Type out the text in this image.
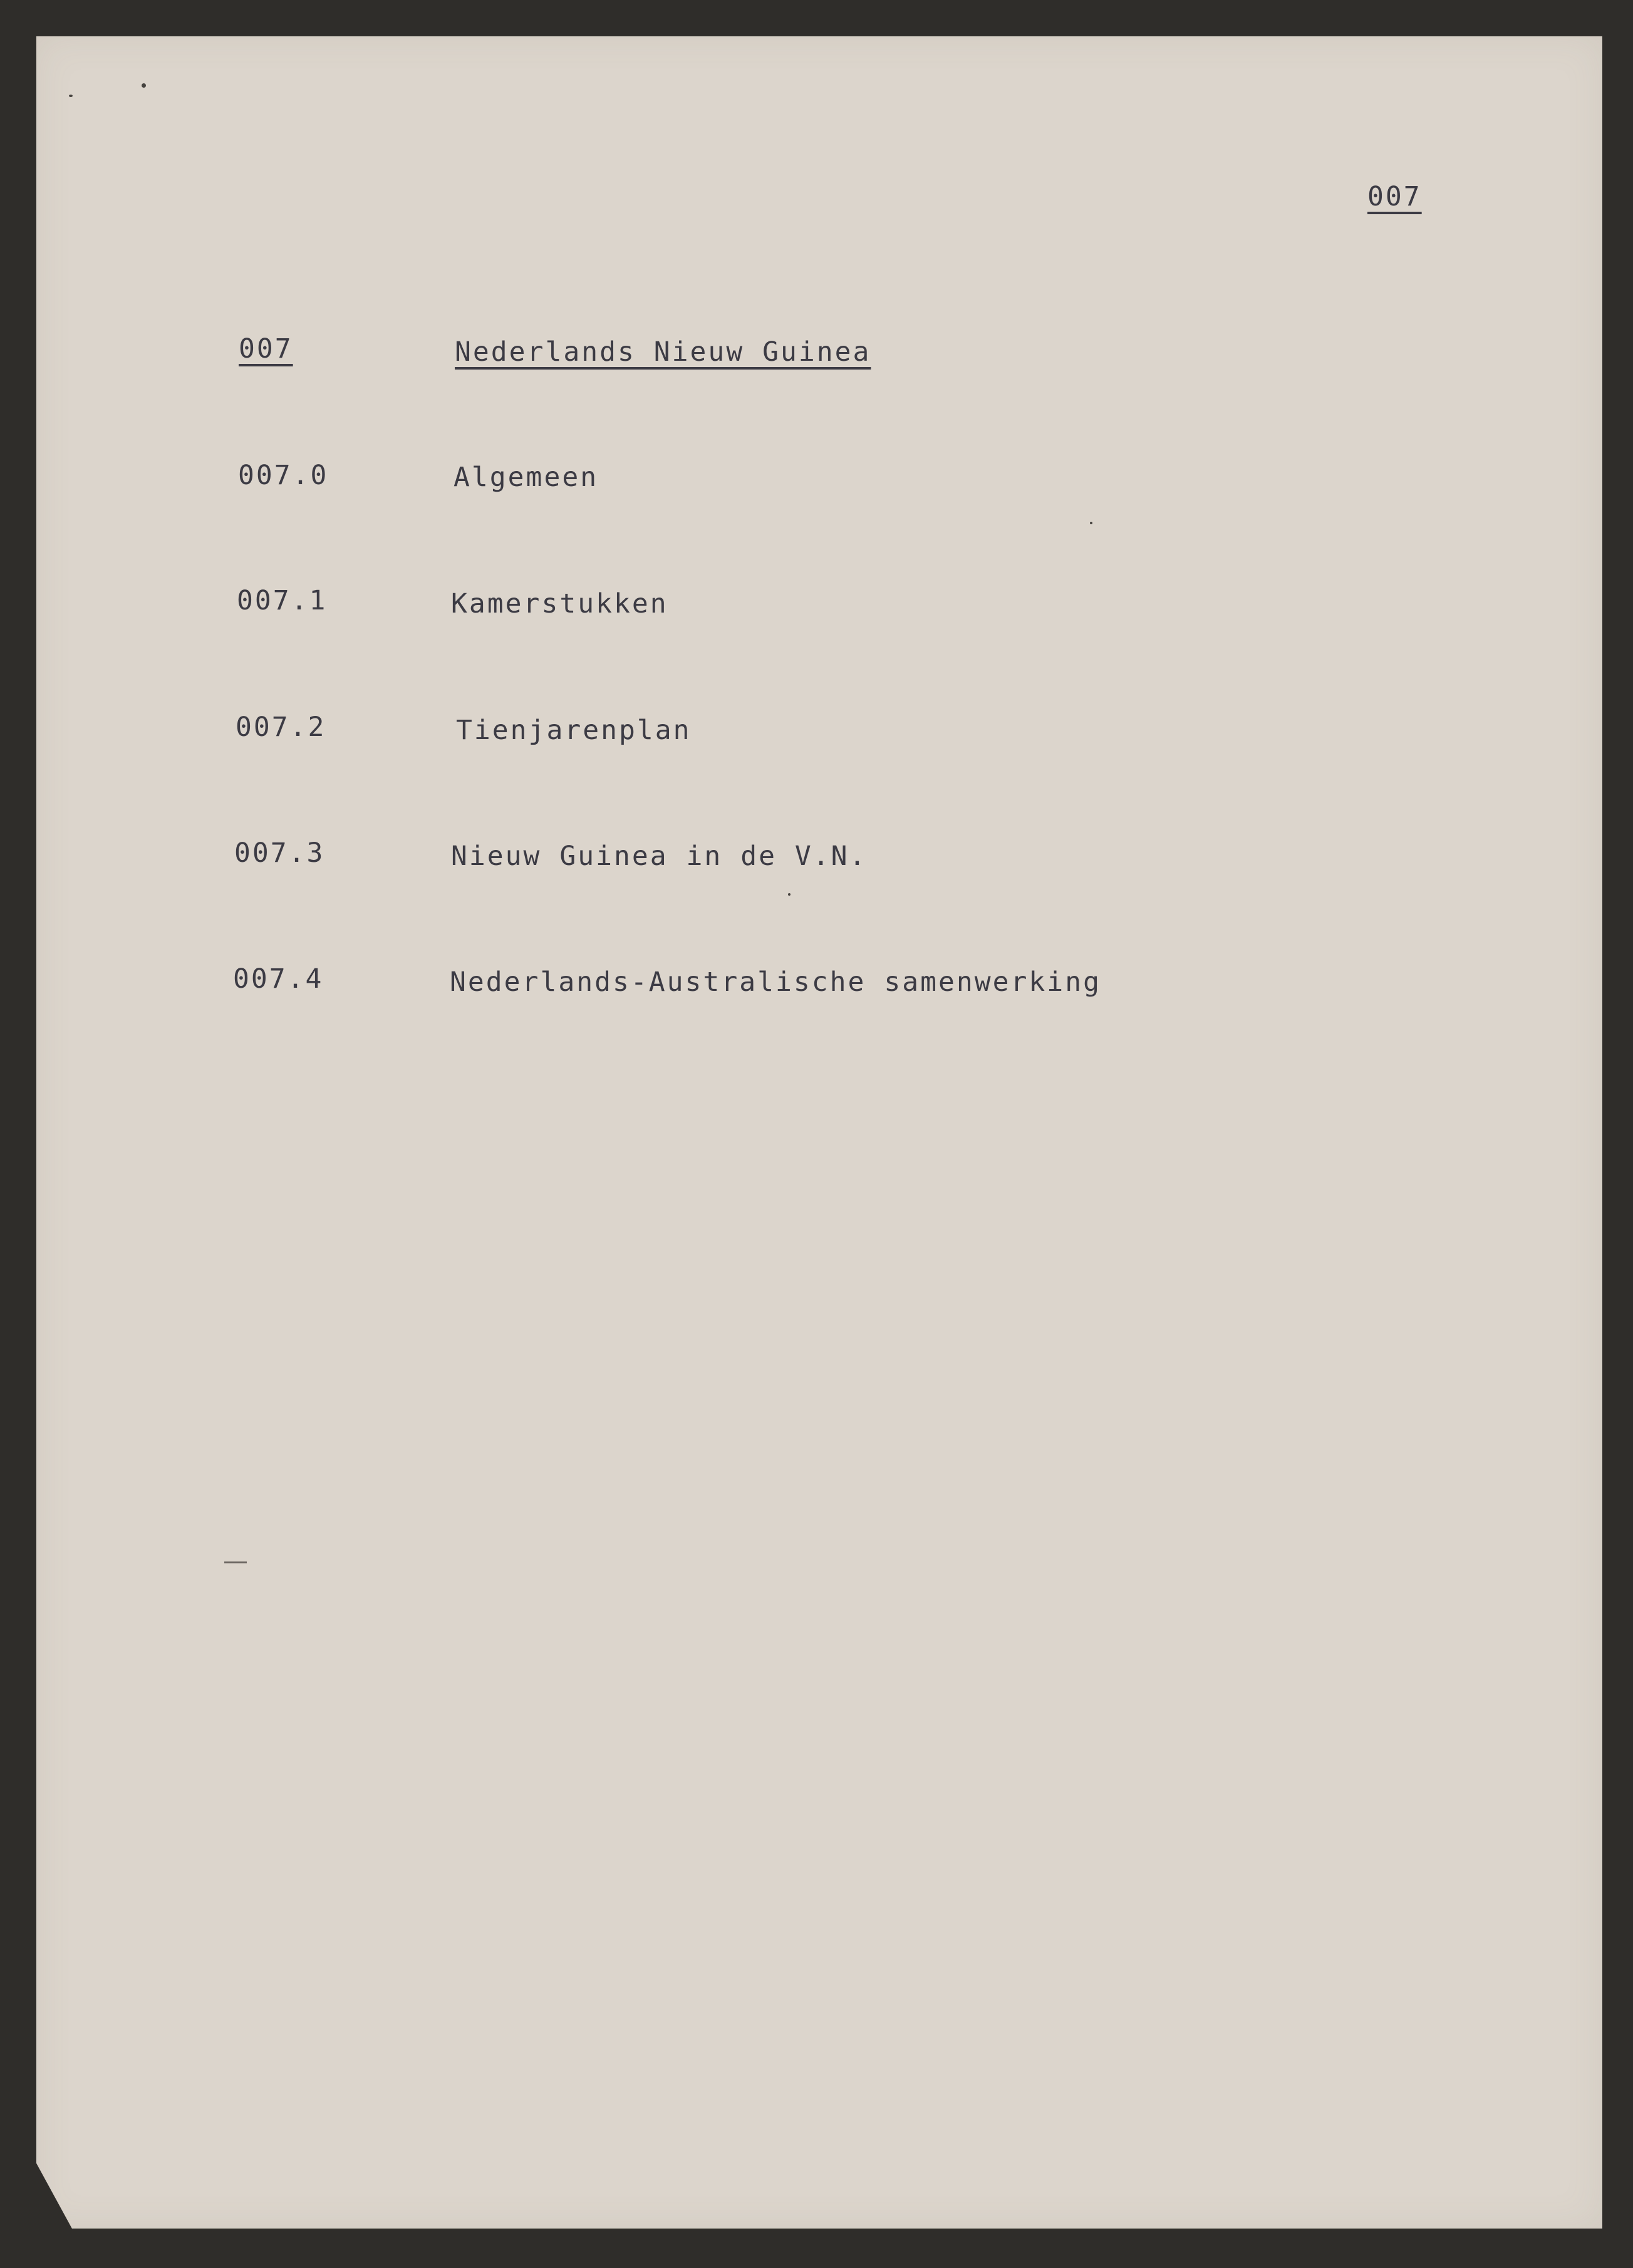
007
007	Nederlands Nieuw Guinea
007.0	Algemeen
007.1	Kamerstukken
007.2	Tienjarenplan
007.3	Nieuw Guinea in de V.N.
007.4	Nederlands-Australische samenwerking
